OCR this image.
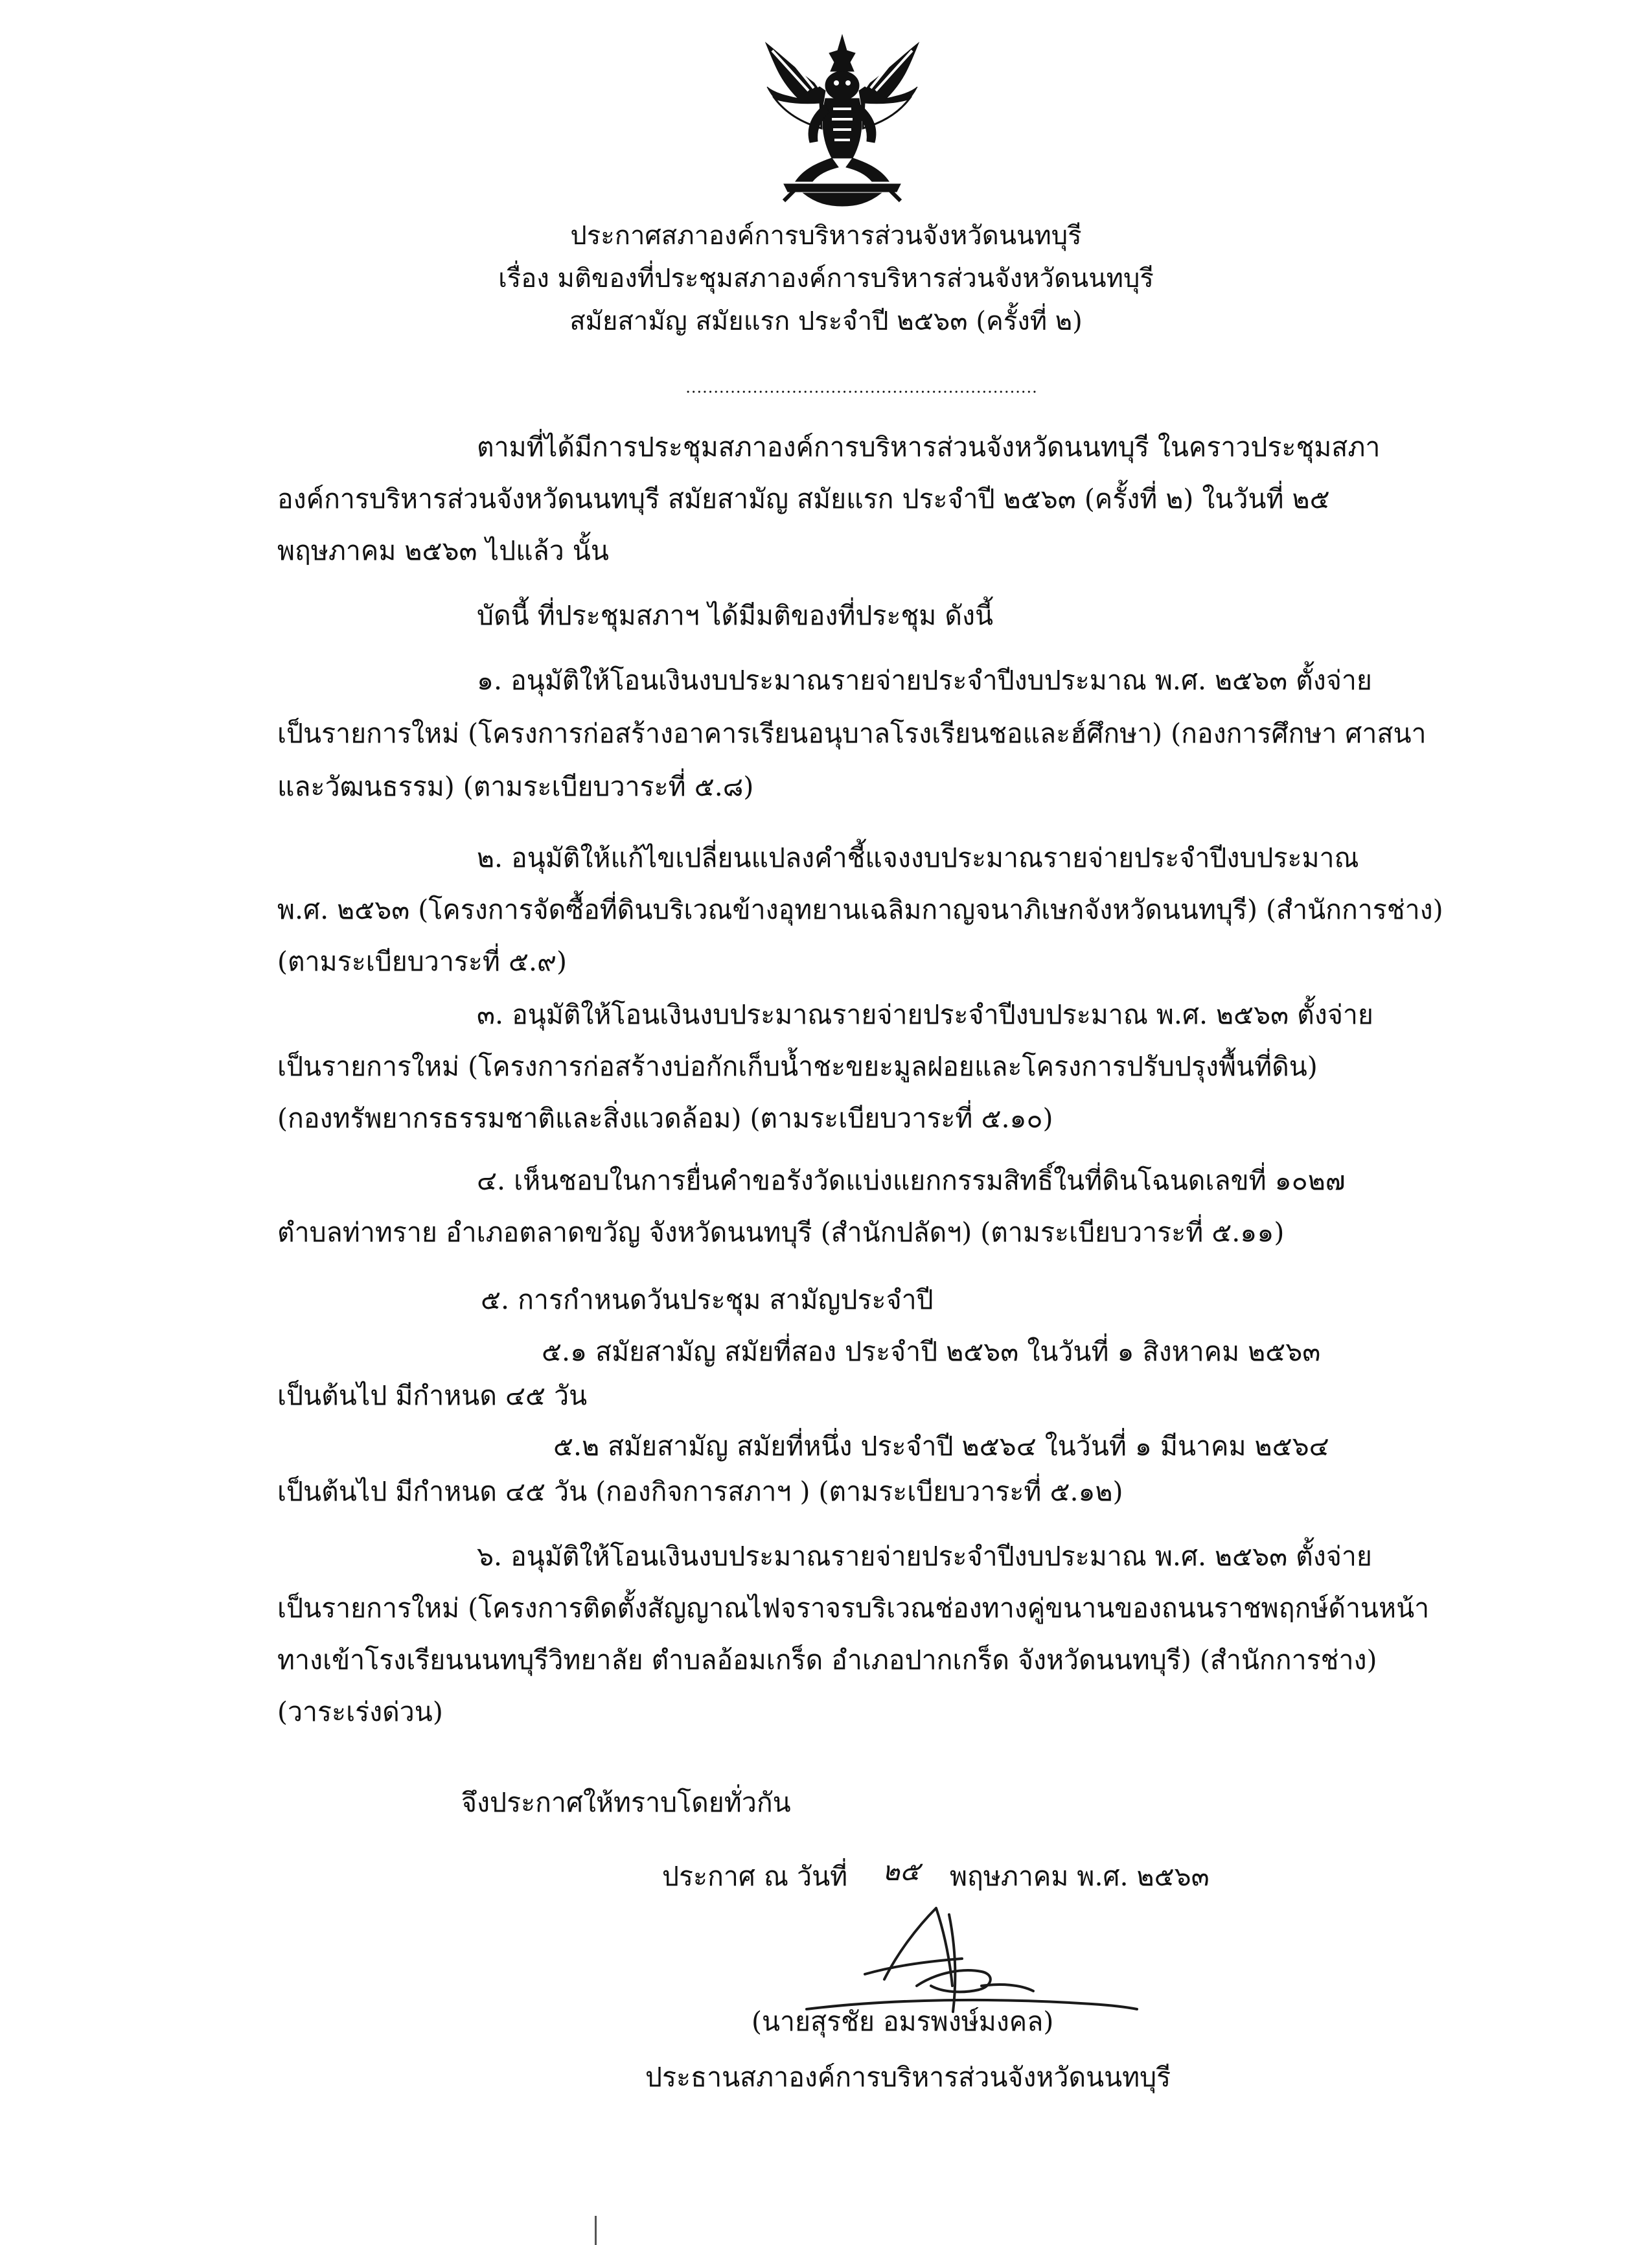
ประกาศสภาองค์การบริหารส่วนจังหวัดนนทบุรี
เรื่อง มติของที่ประชุมสภาองค์การบริหารส่วนจังหวัดนนทบุรี
สมัยสามัญ สมัยแรก ประจำปี ๒๕๖๓ (ครั้งที่ ๒)
...............................................................
ตามที่ได้มีการประชุมสภาองค์การบริหารส่วนจังหวัดนนทบุรี ในคราวประชุมสภา
องค์การบริหารส่วนจังหวัดนนทบุรี สมัยสามัญ สมัยแรก ประจำปี ๒๕๖๓ (ครั้งที่ ๒) ในวันที่ ๒๕
พฤษภาคม ๒๕๖๓ ไปแล้ว นั้น
บัดนี้ ที่ประชุมสภาฯ ได้มีมติของที่ประชุม ดังนี้
๑. อนุมัติให้โอนเงินงบประมาณรายจ่ายประจำปีงบประมาณ พ.ศ. ๒๕๖๓ ตั้งจ่าย
เป็นรายการใหม่ (โครงการก่อสร้างอาคารเรียนอนุบาลโรงเรียนชอและฮ์ศึกษา) (กองการศึกษา ศาสนา
และวัฒนธรรม) (ตามระเบียบวาระที่ ๕.๘)
๒. อนุมัติให้แก้ไขเปลี่ยนแปลงคำชี้แจงงบประมาณรายจ่ายประจำปีงบประมาณ
พ.ศ. ๒๕๖๓ (โครงการจัดซื้อที่ดินบริเวณข้างอุทยานเฉลิมกาญจนาภิเษกจังหวัดนนทบุรี) (สำนักการช่าง)
(ตามระเบียบวาระที่ ๕.๙)
๓. อนุมัติให้โอนเงินงบประมาณรายจ่ายประจำปีงบประมาณ พ.ศ. ๒๕๖๓ ตั้งจ่าย
เป็นรายการใหม่ (โครงการก่อสร้างบ่อกักเก็บน้ำชะขยะมูลฝอยและโครงการปรับปรุงพื้นที่ดิน)
(กองทรัพยากรธรรมชาติและสิ่งแวดล้อม) (ตามระเบียบวาระที่ ๕.๑๐)
๔. เห็นชอบในการยื่นคำขอรังวัดแบ่งแยกกรรมสิทธิ์ในที่ดินโฉนดเลขที่ ๑๐๒๗
ตำบลท่าทราย อำเภอตลาดขวัญ จังหวัดนนทบุรี (สำนักปลัดฯ) (ตามระเบียบวาระที่ ๕.๑๑)
๕. การกำหนดวันประชุม สามัญประจำปี
๕.๑ สมัยสามัญ สมัยที่สอง ประจำปี ๒๕๖๓ ในวันที่ ๑ สิงหาคม ๒๕๖๓
เป็นต้นไป มีกำหนด ๔๕ วัน
๕.๒ สมัยสามัญ สมัยที่หนึ่ง ประจำปี ๒๕๖๔ ในวันที่ ๑ มีนาคม ๒๕๖๔
เป็นต้นไป มีกำหนด ๔๕ วัน (กองกิจการสภาฯ ) (ตามระเบียบวาระที่ ๕.๑๒)
๖. อนุมัติให้โอนเงินงบประมาณรายจ่ายประจำปีงบประมาณ พ.ศ. ๒๕๖๓ ตั้งจ่าย
เป็นรายการใหม่ (โครงการติดตั้งสัญญาณไฟจราจรบริเวณช่องทางคู่ขนานของถนนราชพฤกษ์ด้านหน้า
ทางเข้าโรงเรียนนนทบุรีวิทยาลัย ตำบลอ้อมเกร็ด อำเภอปากเกร็ด จังหวัดนนทบุรี) (สำนักการช่าง)
(วาระเร่งด่วน)
จึงประกาศให้ทราบโดยทั่วกัน
ประกาศ ณ วันที่ ๒๕ พฤษภาคม พ.ศ. ๒๕๖๓
(นายสุรชัย อมรพงษ์มงคล)
ประธานสภาองค์การบริหารส่วนจังหวัดนนทบุรี
